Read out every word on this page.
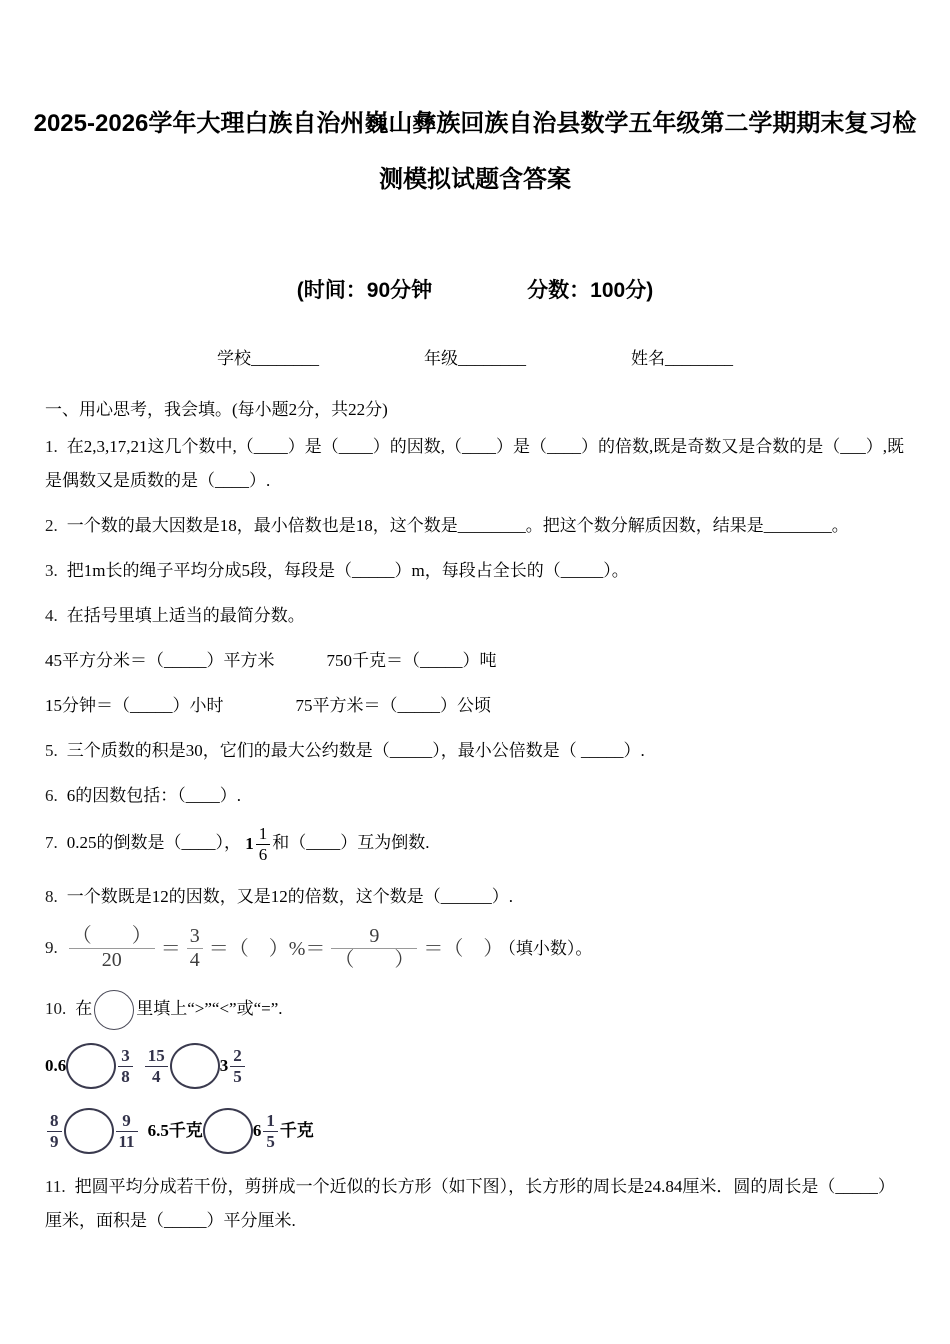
2025-2026学年大理白族自治州巍山彝族回族自治县数学五年级第二学期期末复习检测模拟试题含答案
(时间：90分钟	分数：100分)
学校________	年级________	姓名________
一、用心思考，我会填。(每小题2分，共22分)
1. 在2,3,17,21这几个数中,（____）是（____）的因数,（____）是（____）的倍数,既是奇数又是合数的是（___）,既是偶数又是质数的是（____）.
2. 一个数的最大因数是18，最小倍数也是18，这个数是________。把这个数分解质因数，结果是________。
3. 把1m长的绳子平均分成5段，每段是（_____）m，每段占全长的（_____）。
4. 在括号里填上适当的最简分数。
45平方分米＝（_____）平方米	750千克＝（_____）吨
15分钟＝（_____）小时	75平方米＝（_____）公顷
5. 三个质数的积是30，它们的最大公约数是（_____），最小公倍数是（ _____）.
6. 6的因数包括：（____）.
7. 0.25的倒数是（____）， $1 \frac{1}{6}$ 和（____）互为倒数.
8. 一个数既是12的因数，又是12的倍数，这个数是（______）.
9. $\frac{( )}{20} = \frac{3}{4}$ ＝（　）%＝ $\frac{9}{( )}$ ＝（　） （填小数）。
10. 在	里填上“>”“<”或“=”.
0.6	$\frac{3}{8} \frac{15}{4}$	$3 \frac{2}{5}$
$\frac{8}{9}$	$\frac{9}{11} 6.5$千克	$6 \frac{1}{5}$ 千克
11. 把圆平均分成若干份，剪拼成一个近似的长方形（如下图），长方形的周长是24.84厘米．圆的周长是（_____）厘米，面积是（_____）平分厘米.
